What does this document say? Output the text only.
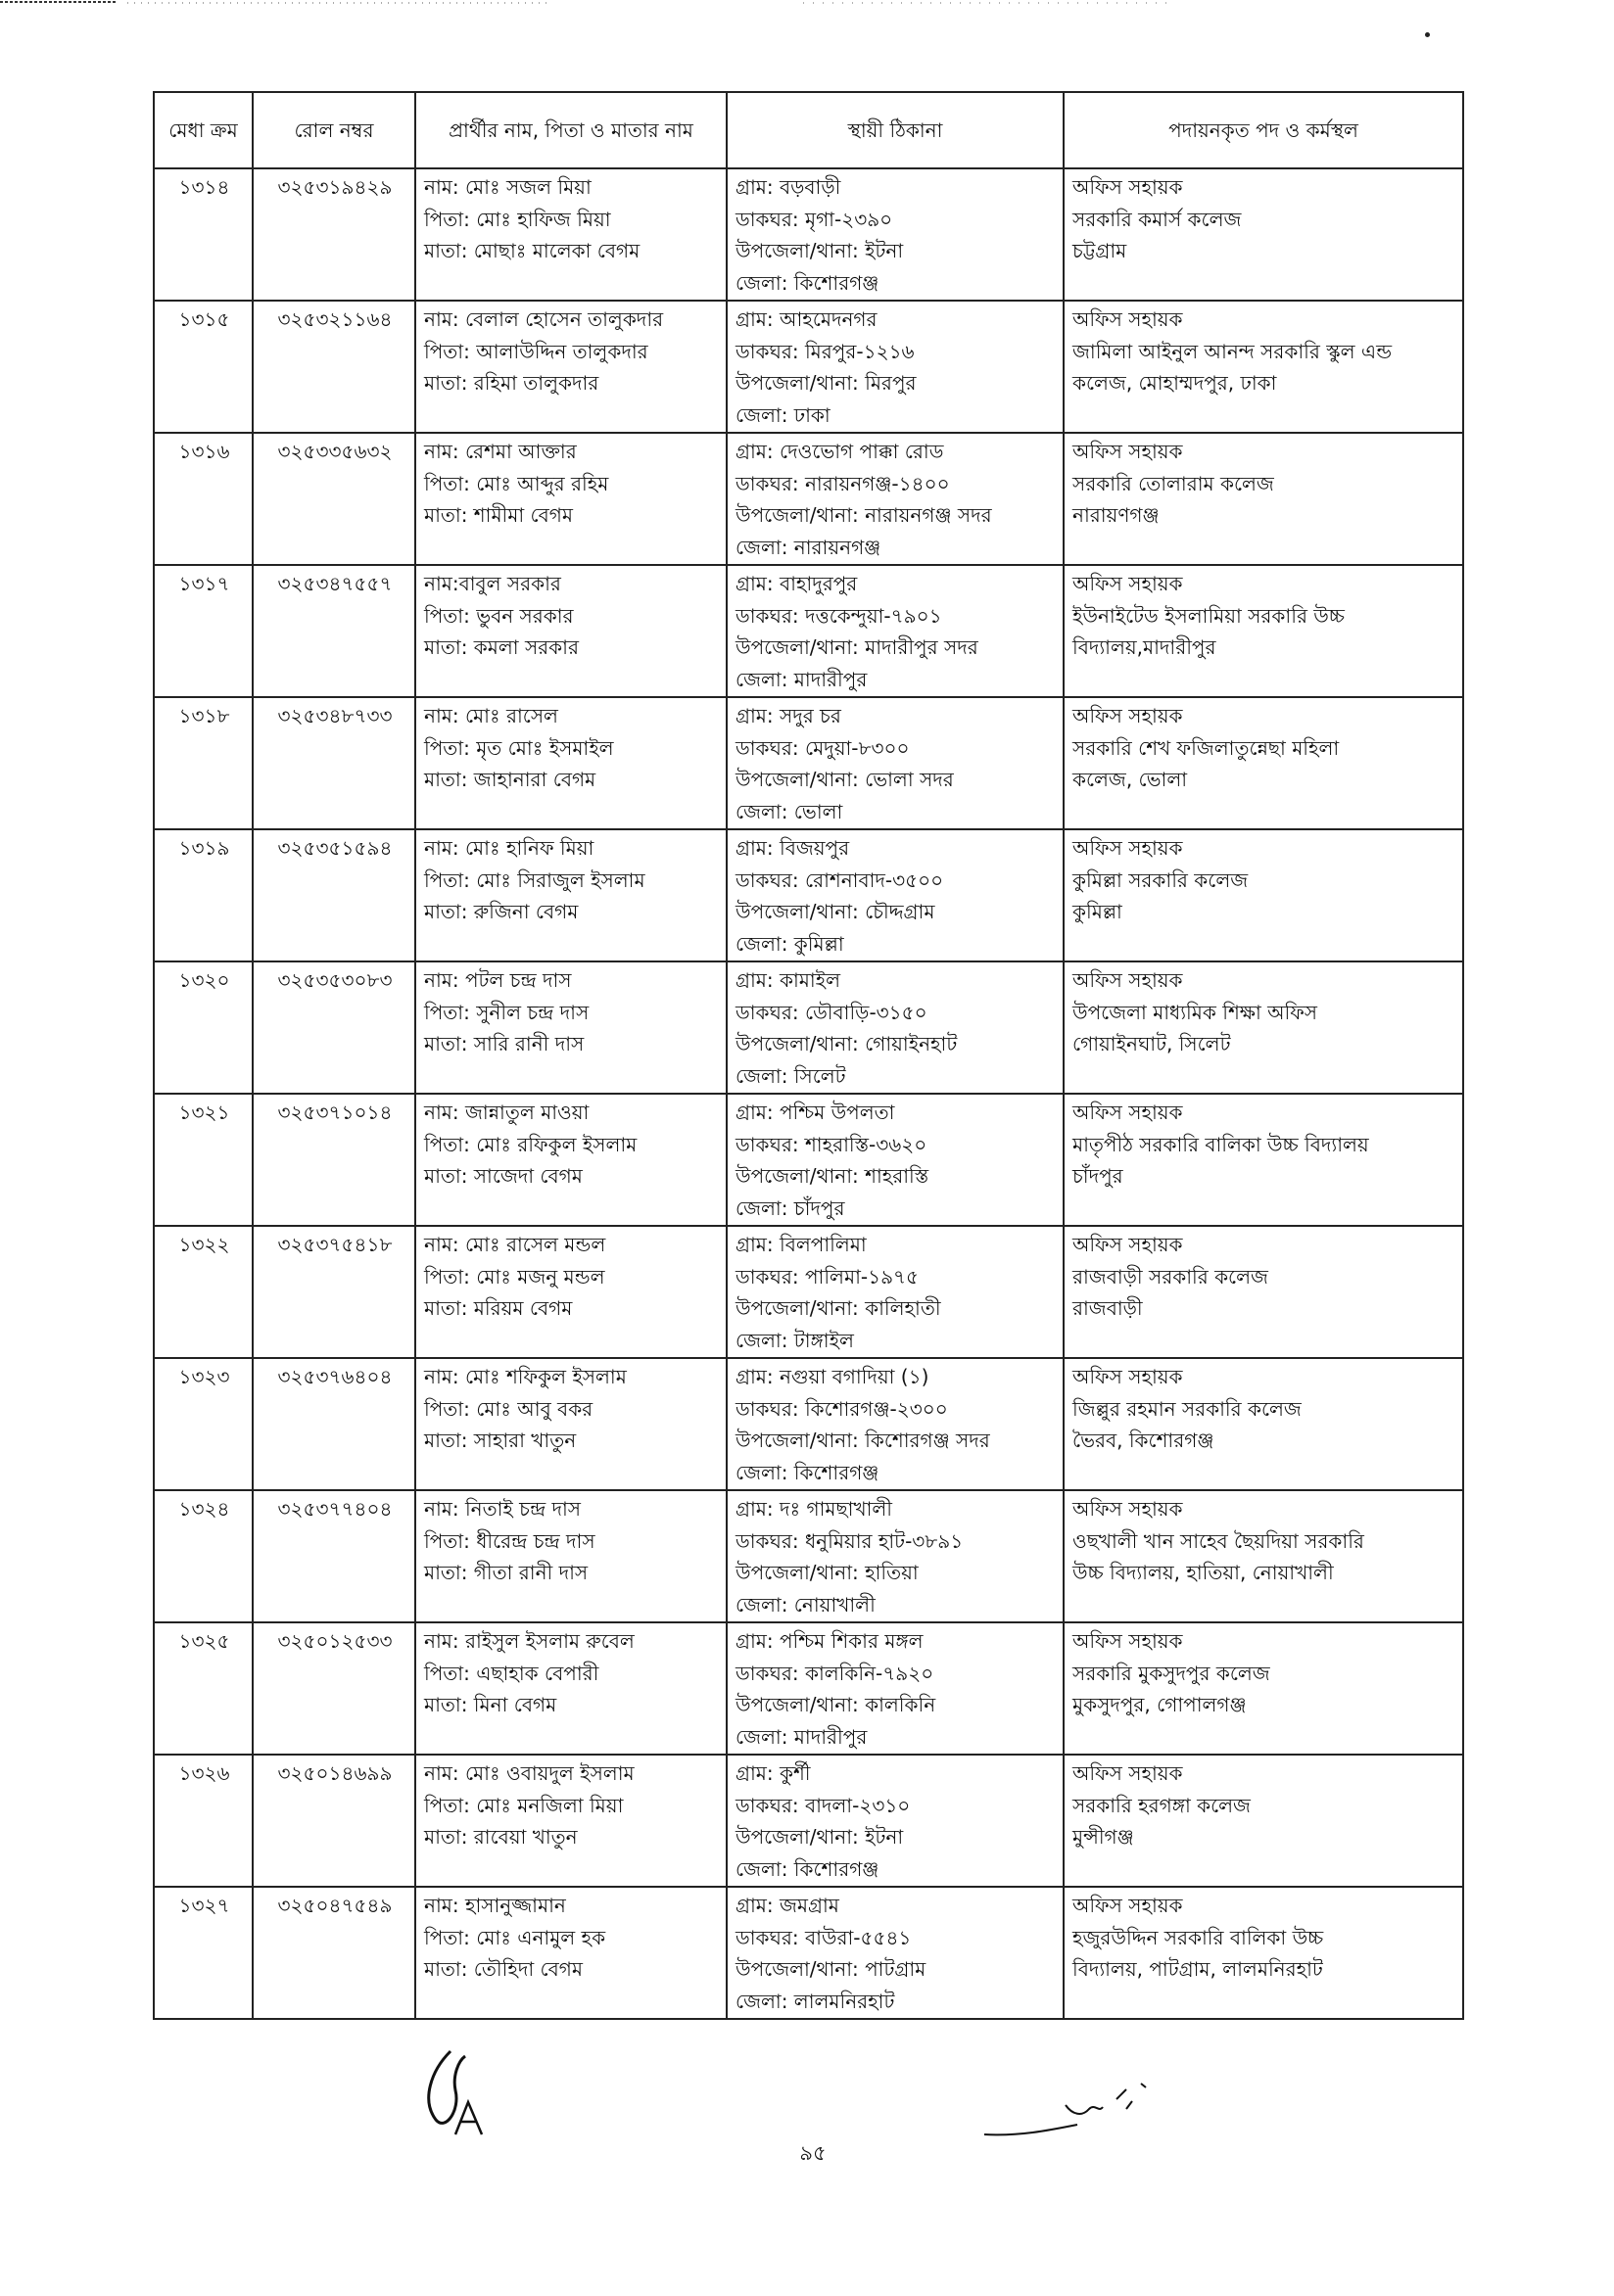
মেধা ক্রম	রোল নম্বর	প্রার্থীর নাম, পিতা ও মাতার নাম	স্থায়ী ঠিকানা	পদায়নকৃত পদ ও কর্মস্থল

১৩১৪	৩২৫৩১৯৪২৯	নাম: মোঃ সজল মিয়া
পিতা: মোঃ হাফিজ মিয়া
মাতা: মোছাঃ মালেকা বেগম	গ্রাম: বড়বাড়ী
ডাকঘর: মৃগা-২৩৯০
উপজেলা/থানা: ইটনা
জেলা: কিশোরগঞ্জ	অফিস সহায়ক
সরকারি কমার্স কলেজ
চট্টগ্রাম

১৩১৫	৩২৫৩২১১৬৪	নাম: বেলাল হোসেন তালুকদার
পিতা: আলাউদ্দিন তালুকদার
মাতা: রহিমা তালুকদার	গ্রাম: আহমেদনগর
ডাকঘর: মিরপুর-১২১৬
উপজেলা/থানা: মিরপুর
জেলা: ঢাকা	অফিস সহায়ক
জামিলা আইনুল আনন্দ সরকারি স্কুল এন্ড
কলেজ, মোহাম্মদপুর, ঢাকা

১৩১৬	৩২৫৩৩৫৬৩২	নাম: রেশমা আক্তার
পিতা: মোঃ আব্দুর রহিম
মাতা: শামীমা বেগম	গ্রাম: দেওভোগ পাক্কা রোড
ডাকঘর: নারায়নগঞ্জ-১৪০০
উপজেলা/থানা: নারায়নগঞ্জ সদর
জেলা: নারায়নগঞ্জ	অফিস সহায়ক
সরকারি তোলারাম কলেজ
নারায়ণগঞ্জ

১৩১৭	৩২৫৩৪৭৫৫৭	নাম:বাবুল সরকার
পিতা: ভুবন সরকার
মাতা: কমলা সরকার	গ্রাম: বাহাদুরপুর
ডাকঘর: দত্তকেন্দুয়া-৭৯০১
উপজেলা/থানা: মাদারীপুর সদর
জেলা: মাদারীপুর	অফিস সহায়ক
ইউনাইটেড ইসলামিয়া সরকারি উচ্চ
বিদ্যালয়,মাদারীপুর

১৩১৮	৩২৫৩৪৮৭৩৩	নাম: মোঃ রাসেল
পিতা: মৃত মোঃ ইসমাইল
মাতা: জাহানারা বেগম	গ্রাম: সদুর চর
ডাকঘর: মেদুয়া-৮৩০০
উপজেলা/থানা: ভোলা সদর
জেলা: ভোলা	অফিস সহায়ক
সরকারি শেখ ফজিলাতুন্নেছা মহিলা
কলেজ, ভোলা

১৩১৯	৩২৫৩৫১৫৯৪	নাম: মোঃ হানিফ মিয়া
পিতা: মোঃ সিরাজুল ইসলাম
মাতা: রুজিনা বেগম	গ্রাম: বিজয়পুর
ডাকঘর: রোশনাবাদ-৩৫০০
উপজেলা/থানা: চৌদ্দগ্রাম
জেলা: কুমিল্লা	অফিস সহায়ক
কুমিল্লা সরকারি কলেজ
কুমিল্লা

১৩২০	৩২৫৩৫৩০৮৩	নাম: পটল চন্দ্র দাস
পিতা: সুনীল চন্দ্র দাস
মাতা: সারি রানী দাস	গ্রাম: কামাইল
ডাকঘর: ডৌবাড়ি-৩১৫০
উপজেলা/থানা: গোয়াইনহাট
জেলা: সিলেট	অফিস সহায়ক
উপজেলা মাধ্যমিক শিক্ষা অফিস
গোয়াইনঘাট, সিলেট

১৩২১	৩২৫৩৭১০১৪	নাম: জান্নাতুল মাওয়া
পিতা: মোঃ রফিকুল ইসলাম
মাতা: সাজেদা বেগম	গ্রাম: পশ্চিম উপলতা
ডাকঘর: শাহরাস্তি-৩৬২০
উপজেলা/থানা: শাহরাস্তি
জেলা: চাঁদপুর	অফিস সহায়ক
মাতৃপীঠ সরকারি বালিকা উচ্চ বিদ্যালয়
চাঁদপুর

১৩২২	৩২৫৩৭৫৪১৮	নাম: মোঃ রাসেল মন্ডল
পিতা: মোঃ মজনু মন্ডল
মাতা: মরিয়ম বেগম	গ্রাম: বিলপালিমা
ডাকঘর: পালিমা-১৯৭৫
উপজেলা/থানা: কালিহাতী
জেলা: টাঙ্গাইল	অফিস সহায়ক
রাজবাড়ী সরকারি কলেজ
রাজবাড়ী

১৩২৩	৩২৫৩৭৬৪০৪	নাম: মোঃ শফিকুল ইসলাম
পিতা: মোঃ আবু বকর
মাতা: সাহারা খাতুন	গ্রাম: নগুয়া বগাদিয়া (১)
ডাকঘর: কিশোরগঞ্জ-২৩০০
উপজেলা/থানা: কিশোরগঞ্জ সদর
জেলা: কিশোরগঞ্জ	অফিস সহায়ক
জিল্লুর রহমান সরকারি কলেজ
ভৈরব, কিশোরগঞ্জ

১৩২৪	৩২৫৩৭৭৪০৪	নাম: নিতাই চন্দ্র দাস
পিতা: ধীরেন্দ্র চন্দ্র দাস
মাতা: গীতা রানী দাস	গ্রাম: দঃ গামছাখালী
ডাকঘর: ধনুমিয়ার হাট-৩৮৯১
উপজেলা/থানা: হাতিয়া
জেলা: নোয়াখালী	অফিস সহায়ক
ওছখালী খান সাহেব ছৈয়দিয়া সরকারি
উচ্চ বিদ্যালয়, হাতিয়া, নোয়াখালী

১৩২৫	৩২৫০১২৫৩৩	নাম: রাইসুল ইসলাম রুবেল
পিতা: এছাহাক বেপারী
মাতা: মিনা বেগম	গ্রাম: পশ্চিম শিকার মঙ্গল
ডাকঘর: কালকিনি-৭৯২০
উপজেলা/থানা: কালকিনি
জেলা: মাদারীপুর	অফিস সহায়ক
সরকারি মুকসুদপুর কলেজ
মুকসুদপুর, গোপালগঞ্জ

১৩২৬	৩২৫০১৪৬৯৯	নাম: মোঃ ওবায়দুল ইসলাম
পিতা: মোঃ মনজিলা মিয়া
মাতা: রাবেয়া খাতুন	গ্রাম: কুর্শী
ডাকঘর: বাদলা-২৩১০
উপজেলা/থানা: ইটনা
জেলা: কিশোরগঞ্জ	অফিস সহায়ক
সরকারি হরগঙ্গা কলেজ
মুন্সীগঞ্জ

১৩২৭	৩২৫০৪৭৫৪৯	নাম: হাসানুজ্জামান
পিতা: মোঃ এনামুল হক
মাতা: তৌহিদা বেগম	গ্রাম: জমগ্রাম
ডাকঘর: বাউরা-৫৫৪১
উপজেলা/থানা: পাটগ্রাম
জেলা: লালমনিরহাট	অফিস সহায়ক
হজুরউদ্দিন সরকারি বালিকা উচ্চ
বিদ্যালয়, পাটগ্রাম, লালমনিরহাট
৯৫
